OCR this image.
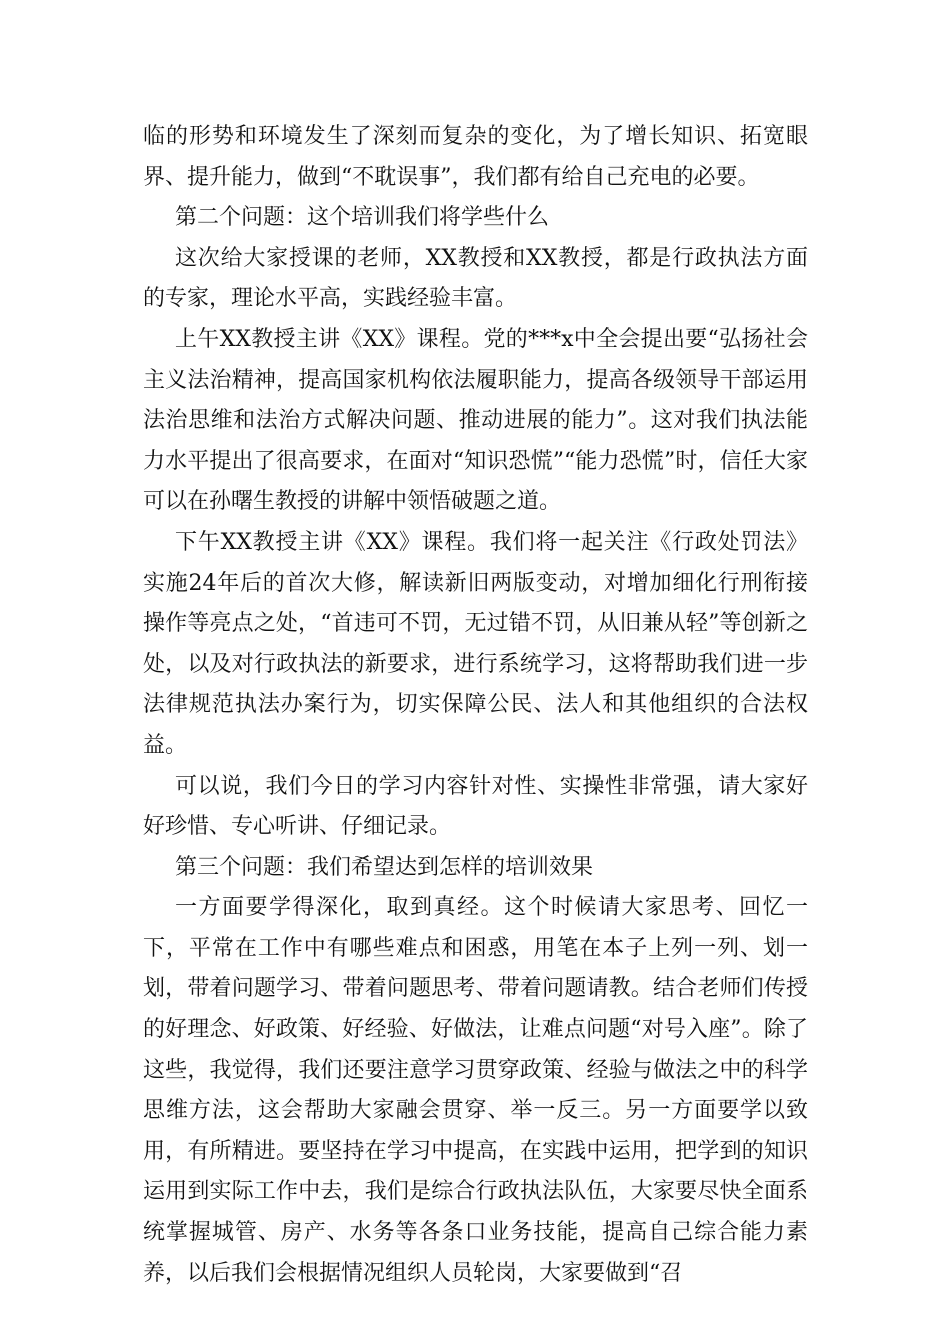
临的形势和环境发生了深刻而复杂的变化，为了增长知识、拓宽眼界、提升能力，做到“不耽误事”，我们都有给自己充电的必要。

第二个问题：这个培训我们将学些什么

这次给大家授课的老师，XX教授和XX教授，都是行政执法方面的专家，理论水平高，实践经验丰富。

上午XX教授主讲《XX》课程。党的***x中全会提出要“弘扬社会主义法治精神，提高国家机构依法履职能力，提高各级领导干部运用法治思维和法治方式解决问题、推动进展的能力”。这对我们执法能力水平提出了很高要求，在面对“知识恐慌”“能力恐慌”时，信任大家可以在孙曙生教授的讲解中领悟破题之道。

下午XX教授主讲《XX》课程。我们将一起关注《行政处罚法》实施24年后的首次大修，解读新旧两版变动，对增加细化行刑衔接操作等亮点之处，“首违可不罚，无过错不罚，从旧兼从轻”等创新之处，以及对行政执法的新要求，进行系统学习，这将帮助我们进一步法律规范执法办案行为，切实保障公民、法人和其他组织的合法权益。

可以说，我们今日的学习内容针对性、实操性非常强，请大家好好珍惜、专心听讲、仔细记录。

第三个问题：我们希望达到怎样的培训效果

一方面要学得深化，取到真经。这个时候请大家思考、回忆一下，平常在工作中有哪些难点和困惑，用笔在本子上列一列、划一划，带着问题学习、带着问题思考、带着问题请教。结合老师们传授的好理念、好政策、好经验、好做法，让难点问题“对号入座”。除了这些，我觉得，我们还要注意学习贯穿政策、经验与做法之中的科学思维方法，这会帮助大家融会贯穿、举一反三。另一方面要学以致用，有所精进。要坚持在学习中提高，在实践中运用，把学到的知识运用到实际工作中去，我们是综合行政执法队伍，大家要尽快全面系统掌握城管、房产、水务等各条口业务技能，提高自己综合能力素养，以后我们会根据情况组织人员轮岗，大家要做到“召
